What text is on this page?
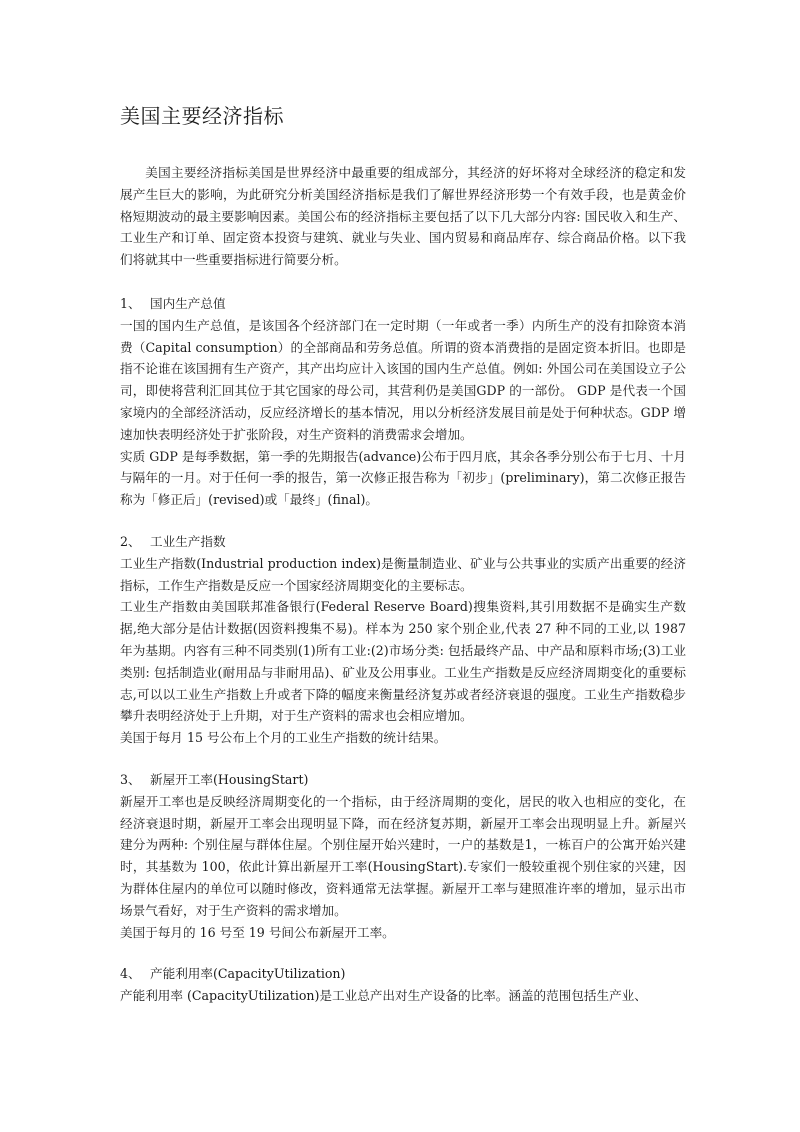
美国主要经济指标

美国主要经济指标美国是世界经济中最重要的组成部分，其经济的好坏将对全球经济的稳定和发展产生巨大的影响，为此研究分析美国经济指标是我们了解世界经济形势一个有效手段，也是黄金价格短期波动的最主要影响因素。美国公布的经济指标主要包括了以下几大部分内容: 国民收入和生产、工业生产和订单、固定资本投资与建筑、就业与失业、国内贸易和商品库存、综合商品价格。以下我们将就其中一些重要指标进行简要分析。

1、 国内生产总值

一国的国内生产总值，是该国各个经济部门在一定时期（一年或者一季）内所生产的没有扣除资本消费（Capital consumption）的全部商品和劳务总值。所谓的资本消费指的是固定资本折旧。也即是指不论谁在该国拥有生产资产，其产出均应计入该国的国内生产总值。例如: 外国公司在美国设立子公司，即使将营利汇回其位于其它国家的母公司，其营利仍是美国GDP 的一部份。 GDP 是代表一个国家境内的全部经济活动，反应经济增长的基本情况，用以分析经济发展目前是处于何种状态。GDP 增速加快表明经济处于扩张阶段，对生产资料的消费需求会增加。

实质 GDP 是每季数据，第一季的先期报告(advance)公布于四月底，其余各季分别公布于七月、十月与隔年的一月。对于任何一季的报告，第一次修正报告称为「初步」(preliminary)，第二次修正报告称为「修正后」(revised)或「最终」(final)。

2、 工业生产指数

工业生产指数(Industrial production index)是衡量制造业、矿业与公共事业的实质产出重要的经济指标，工作生产指数是反应一个国家经济周期变化的主要标志。

工业生产指数由美国联邦准备银行(Federal Reserve Board)搜集资料,其引用数据不是确实生产数据,绝大部分是估计数据(因资料搜集不易)。样本为 250 家个别企业,代表 27 种不同的工业,以 1987 年为基期。内容有三种不同类别(1)所有工业:(2)市场分类: 包括最终产品、中产品和原料市场;(3)工业类别: 包括制造业(耐用品与非耐用品)、矿业及公用事业。工业生产指数是反应经济周期变化的重要标志,可以以工业生产指数上升或者下降的幅度来衡量经济复苏或者经济衰退的强度。工业生产指数稳步攀升表明经济处于上升期，对于生产资料的需求也会相应增加。

美国于每月 15 号公布上个月的工业生产指数的统计结果。

3、 新屋开工率(HousingStart)

新屋开工率也是反映经济周期变化的一个指标，由于经济周期的变化，居民的收入也相应的变化，在经济衰退时期，新屋开工率会出现明显下降，而在经济复苏期，新屋开工率会出现明显上升。新屋兴建分为两种: 个别住屋与群体住屋。个别住屋开始兴建时，一户的基数是1，一栋百户的公寓开始兴建时，其基数为 100，依此计算出新屋开工率(HousingStart).专家们一般较重视个别住家的兴建，因为群体住屋内的单位可以随时修改，资料通常无法掌握。新屋开工率与建照准许率的增加，显示出市场景气看好，对于生产资料的需求增加。

美国于每月的 16 号至 19 号间公布新屋开工率。

4、 产能利用率(CapacityUtilization)

产能利用率 (CapacityUtilization)是工业总产出对生产设备的比率。涵盖的范围包括生产业、
